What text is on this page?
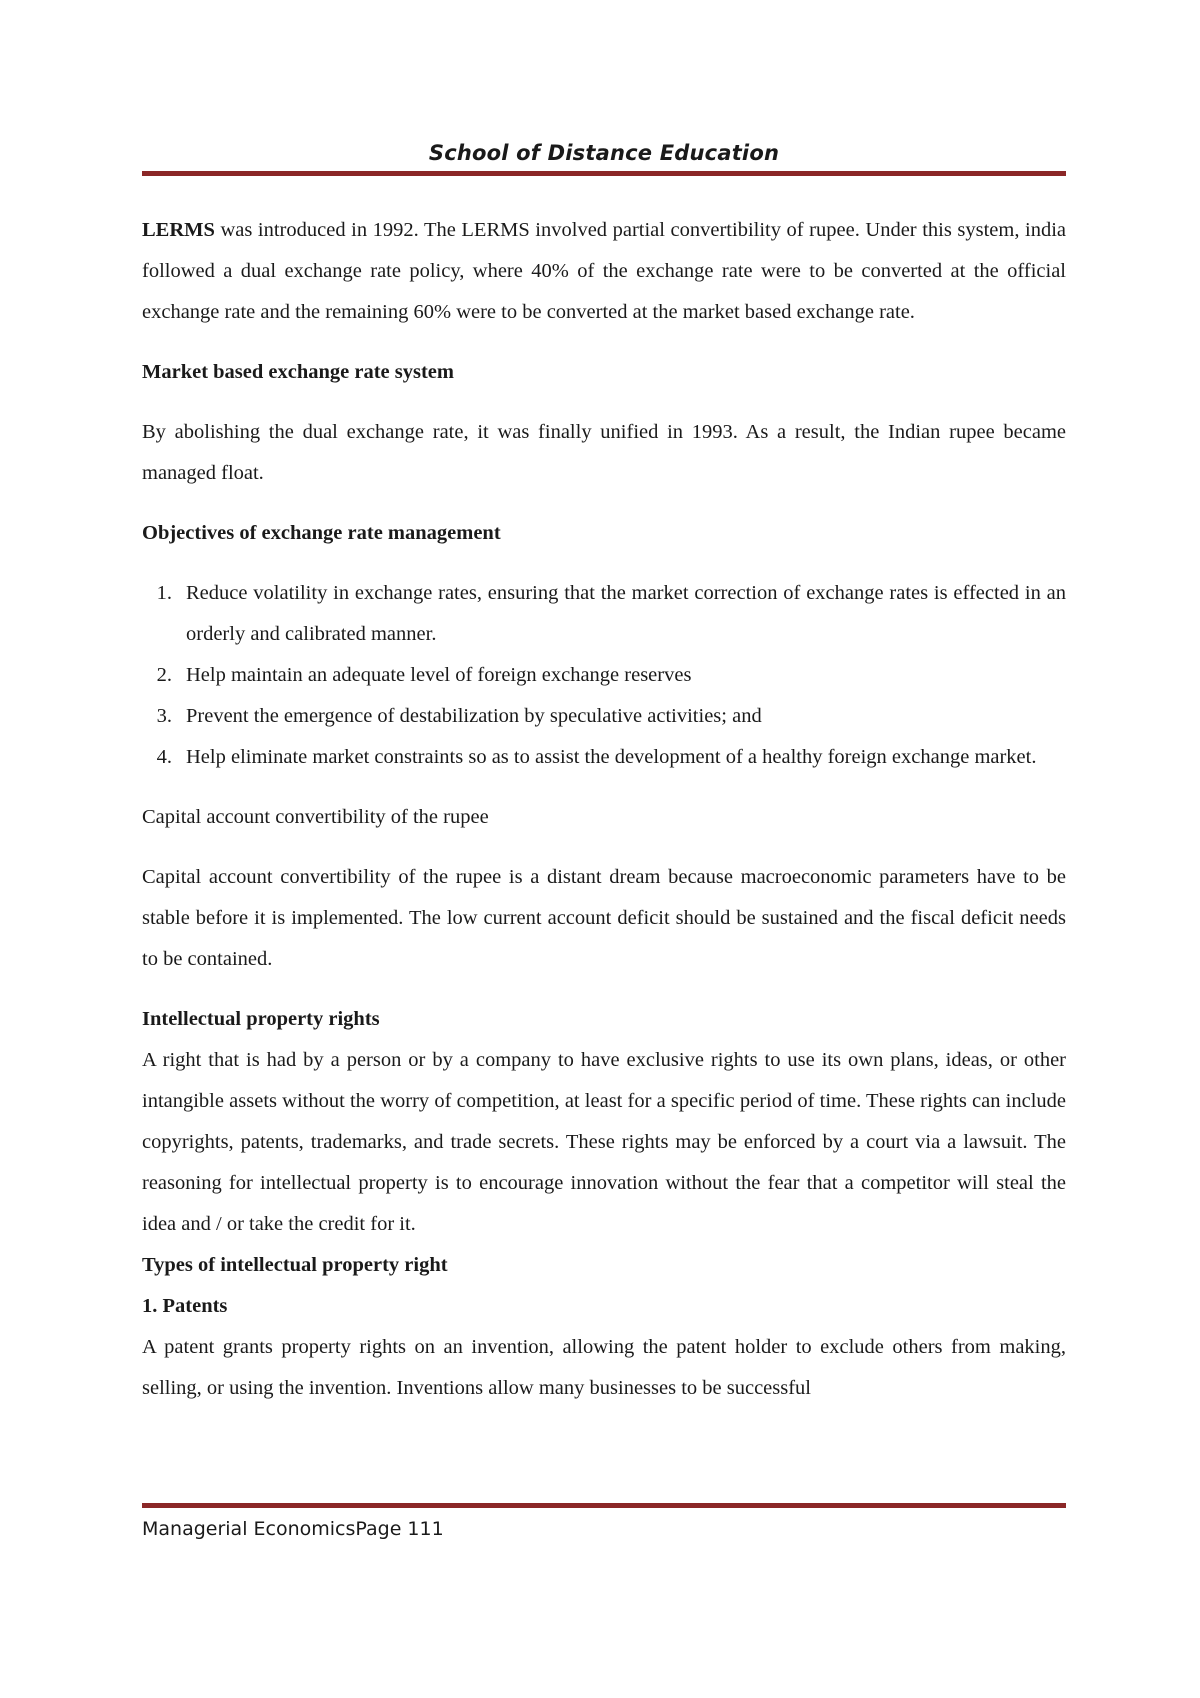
School of Distance Education

LERMS was introduced in 1992. The LERMS involved partial convertibility of rupee. Under this system, india followed a dual exchange rate policy, where 40% of the exchange rate were to be converted at the official exchange rate and the remaining 60% were to be converted at the market based exchange rate.

Market based exchange rate system

By abolishing the dual exchange rate, it was finally unified in 1993. As a result, the Indian rupee became managed float.

Objectives of exchange rate management

1. Reduce volatility in exchange rates, ensuring that the market correction of exchange rates is effected in an orderly and calibrated manner.
2. Help maintain an adequate level of foreign exchange reserves
3. Prevent the emergence of destabilization by speculative activities; and
4. Help eliminate market constraints so as to assist the development of a healthy foreign exchange market.

Capital account convertibility of the rupee

Capital account convertibility of the rupee is a distant dream because macroeconomic parameters have to be stable before it is implemented. The low current account deficit should be sustained and the fiscal deficit needs to be contained.

Intellectual property rights

A right that is had by a person or by a company to have exclusive rights to use its own plans, ideas, or other intangible assets without the worry of competition, at least for a specific period of time. These rights can include copyrights, patents, trademarks, and trade secrets. These rights may be enforced by a court via a lawsuit. The reasoning for intellectual property is to encourage innovation without the fear that a competitor will steal the idea and / or take the credit for it.

Types of intellectual property right

1. Patents

A patent grants property rights on an invention, allowing the patent holder to exclude others from making, selling, or using the invention. Inventions allow many businesses to be successful

Managerial EconomicsPage 111
